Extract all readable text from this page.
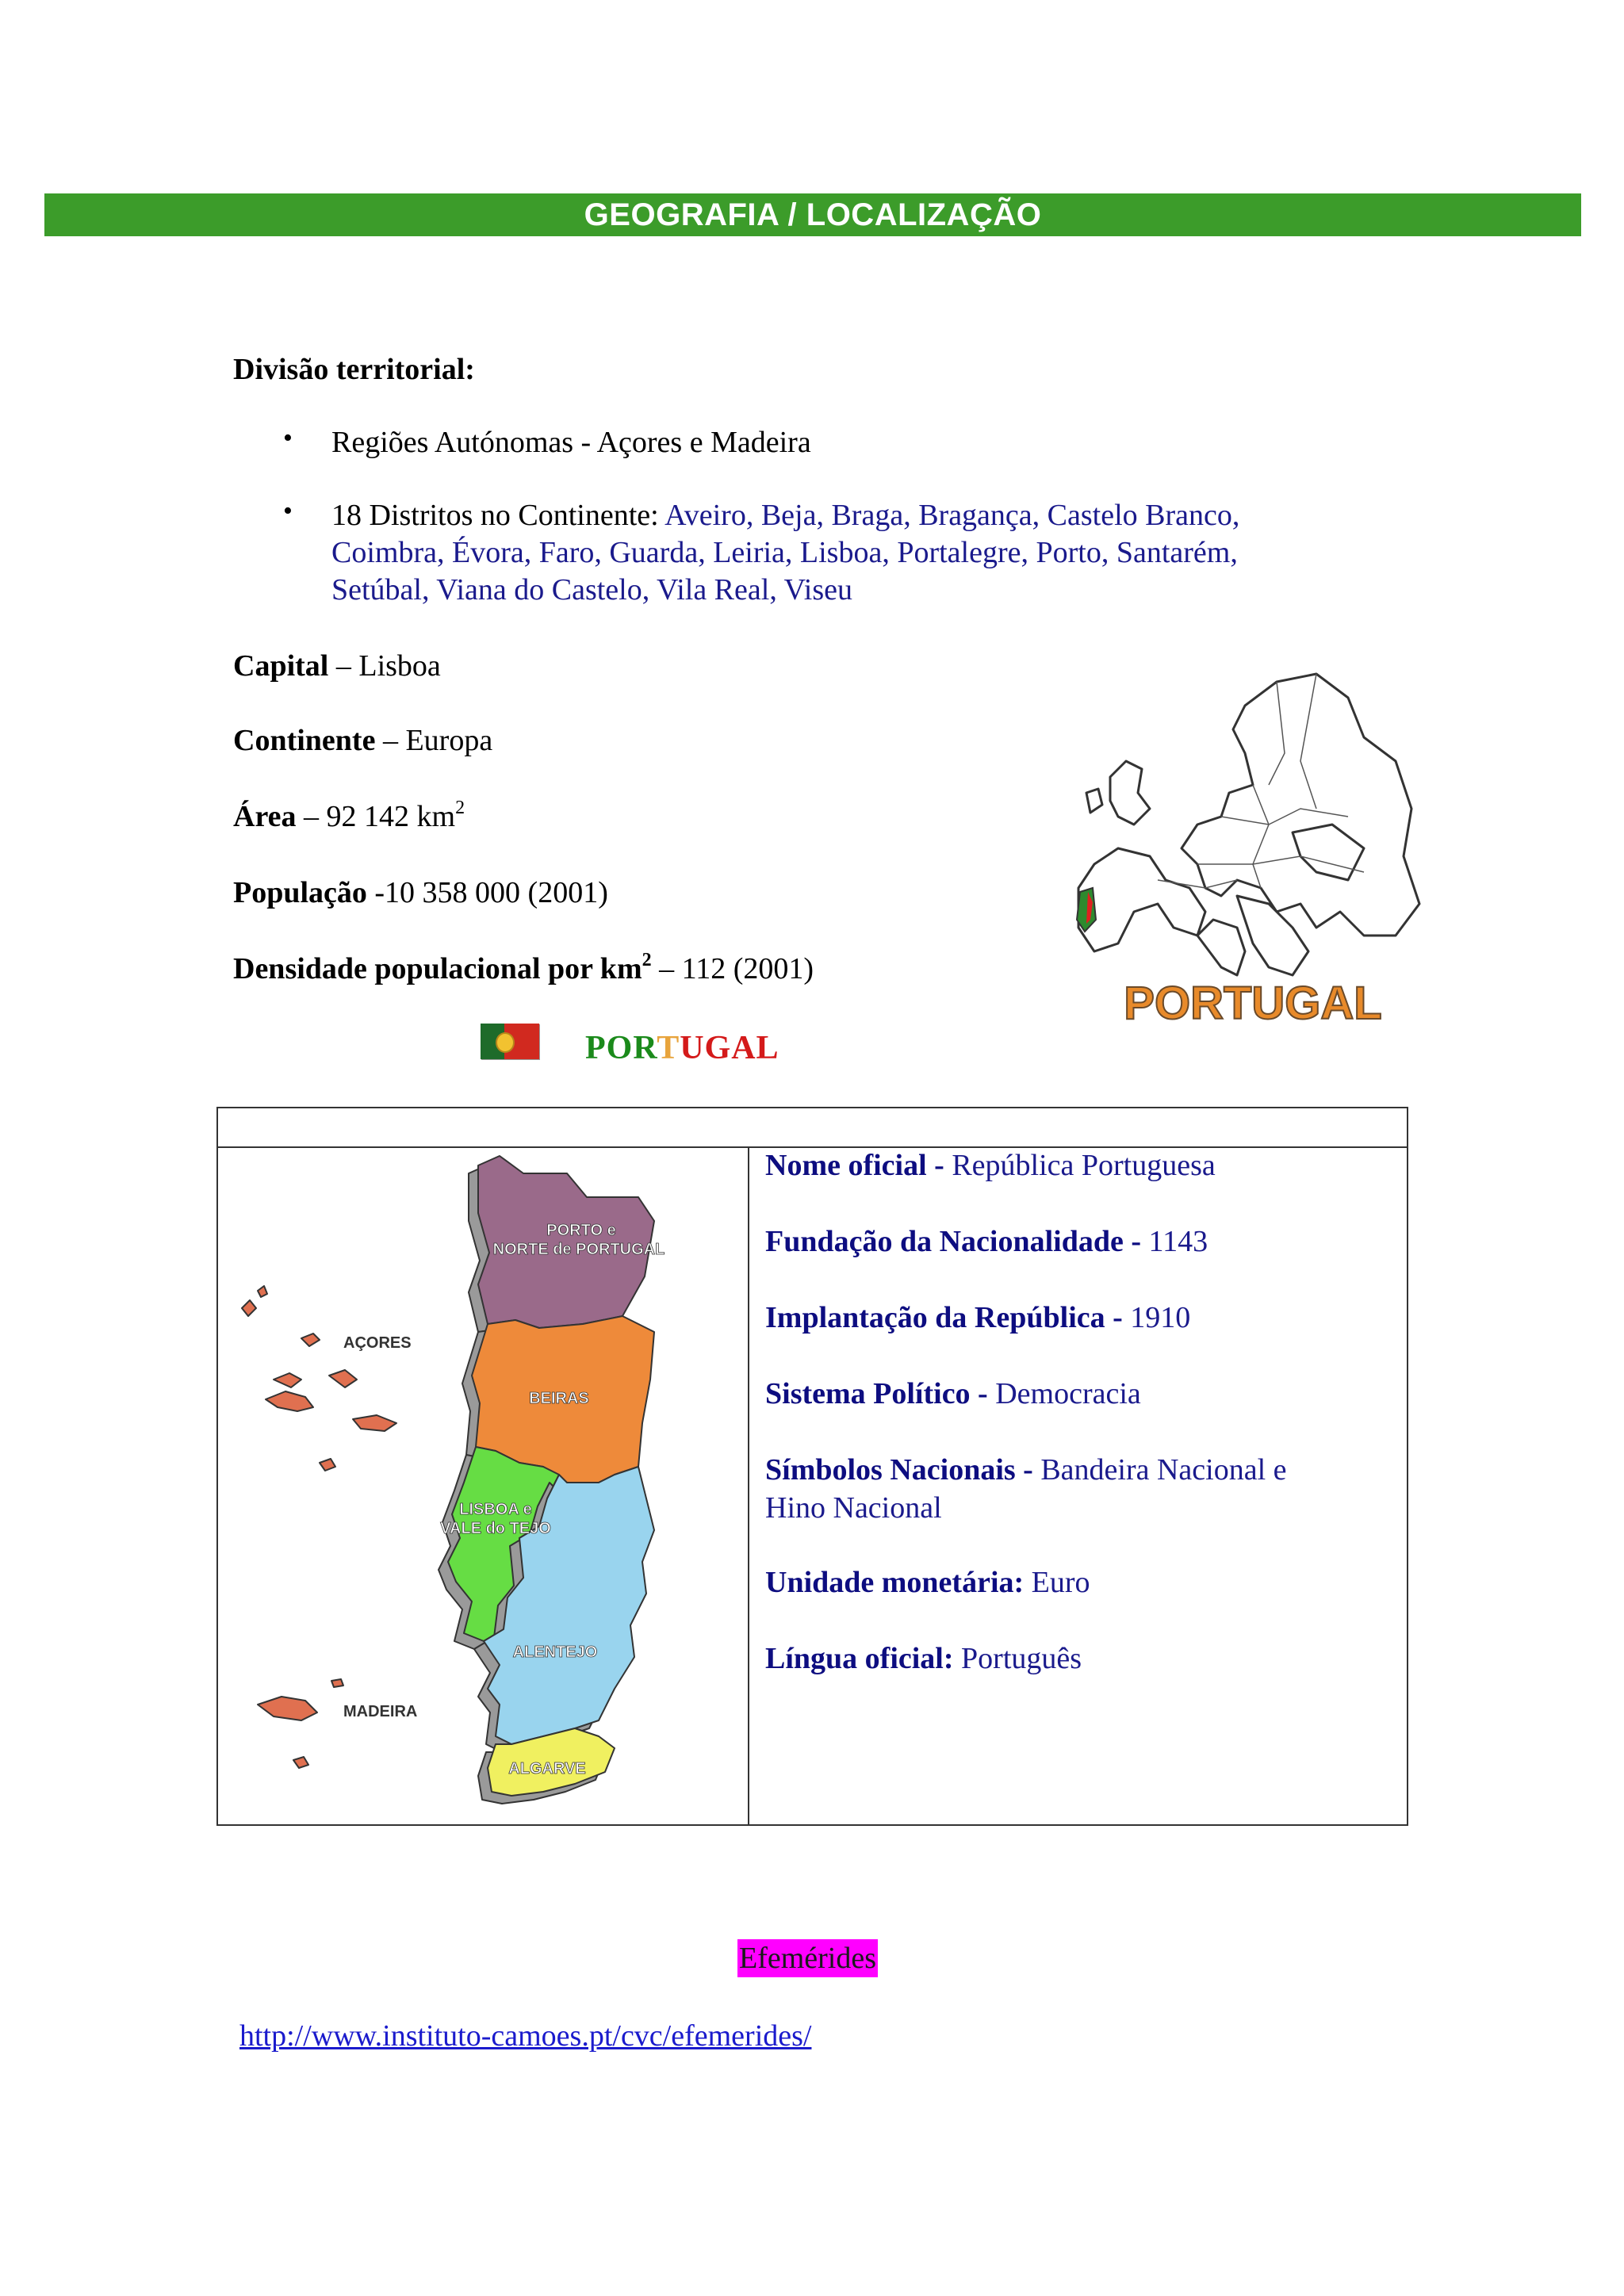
GEOGRAFIA / LOCALIZAÇÃO
Divisão territorial:
• Regiões Autónomas - Açores e Madeira
• 18 Distritos no Continente: Aveiro, Beja, Braga, Bragança, Castelo Branco,
Coimbra, Évora, Faro, Guarda, Leiria, Lisboa, Portalegre, Porto, Santarém,
Setúbal, Viana do Castelo, Vila Real, Viseu
Capital – Lisboa
Continente – Europa
Área – 92 142 $km^2$
População -10 358 000 (2001)
Densidade populacional por $km^2 - 112$ (2001)
PORTUGAL
PORTUGAL
PORTO e
NORTE de PORTUGAL
BEIRAS
LISBOA e
VALE do TEJO
ALENTEJO
ALGARVE
AÇORES
MADEIRA
Nome oficial - República Portuguesa
Fundação da Nacionalidade - 1143
Implantação da República - 1910
Sistema Político - Democracia
Símbolos Nacionais - Bandeira Nacional e
Hino Nacional
Unidade monetária: Euro
Língua oficial: Português
Efemérides
http://www.instituto-camoes.pt/cvc/efemerides/
